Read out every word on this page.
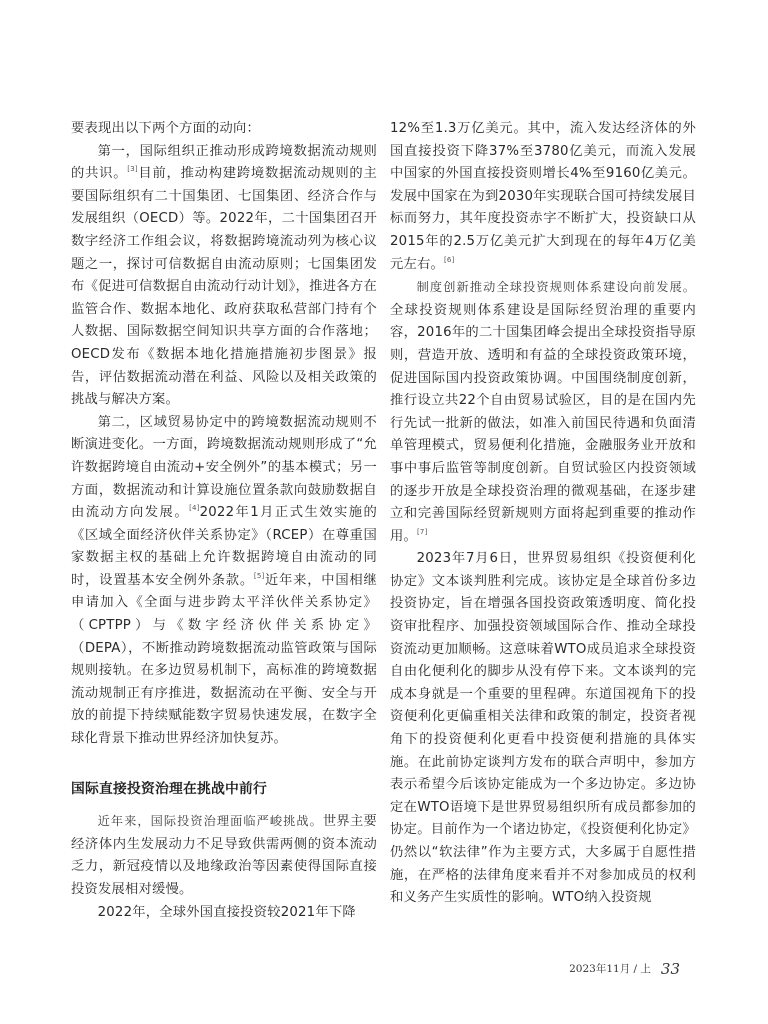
要表现出以下两个方面的动向：

第一，国际组织正推动形成跨境数据流动规则的共识。[3]目前，推动构建跨境数据流动规则的主要国际组织有二十国集团、七国集团、经济合作与发展组织（OECD）等。2022年，二十国集团召开数字经济工作组会议，将数据跨境流动列为核心议题之一，探讨可信数据自由流动原则；七国集团发布《促进可信数据自由流动行动计划》，推进各方在监管合作、数据本地化、政府获取私营部门持有个人数据、国际数据空间知识共享方面的合作落地；OECD发布《数据本地化措施措施初步图景》报告，评估数据流动潜在利益、风险以及相关政策的挑战与解决方案。

第二，区域贸易协定中的跨境数据流动规则不断演进变化。一方面，跨境数据流动规则形成了“允许数据跨境自由流动+安全例外”的基本模式；另一方面，数据流动和计算设施位置条款向鼓励数据自由流动方向发展。[4]2022年1月正式生效实施的《区域全面经济伙伴关系协定》（RCEP）在尊重国家数据主权的基础上允许数据跨境自由流动的同时，设置基本安全例外条款。[5]近年来，中国相继申请加入《全面与进步跨太平洋伙伴关系协定》（CPTPP）与《数字经济伙伴关系协定》（DEPA），不断推动跨境数据流动监管政策与国际规则接轨。在多边贸易机制下，高标准的跨境数据流动规制正有序推进，数据流动在平衡、安全与开放的前提下持续赋能数字贸易快速发展，在数字全球化背景下推动世界经济加快复苏。

国际直接投资治理在挑战中前行

近年来，国际投资治理面临严峻挑战。世界主要经济体内生发展动力不足导致供需两侧的资本流动乏力，新冠疫情以及地缘政治等因素使得国际直接投资发展相对缓慢。

2022年，全球外国直接投资较2021年下降

12%至1.3万亿美元。其中，流入发达经济体的外国直接投资下降37%至3780亿美元，而流入发展中国家的外国直接投资则增长4%至9160亿美元。发展中国家在为到2030年实现联合国可持续发展目标而努力，其年度投资赤字不断扩大，投资缺口从2015年的2.5万亿美元扩大到现在的每年4万亿美元左右。[6]

制度创新推动全球投资规则体系建设向前发展。全球投资规则体系建设是国际经贸治理的重要内容，2016年的二十国集团峰会提出全球投资指导原则，营造开放、透明和有益的全球投资政策环境，促进国际国内投资政策协调。中国围绕制度创新，推行设立共22个自由贸易试验区，目的是在国内先行先试一批新的做法，如准入前国民待遇和负面清单管理模式，贸易便利化措施，金融服务业开放和事中事后监管等制度创新。自贸试验区内投资领域的逐步开放是全球投资治理的微观基础，在逐步建立和完善国际经贸新规则方面将起到重要的推动作用。[7]

2023年7月6日，世界贸易组织《投资便利化协定》文本谈判胜利完成。该协定是全球首份多边投资协定，旨在增强各国投资政策透明度、简化投资审批程序、加强投资领域国际合作、推动全球投资流动更加顺畅。这意味着WTO成员追求全球投资自由化便利化的脚步从没有停下来。文本谈判的完成本身就是一个重要的里程碑。东道国视角下的投资便利化更偏重相关法律和政策的制定，投资者视角下的投资便利化更看中投资便利措施的具体实施。在此前协定谈判方发布的联合声明中，参加方表示希望今后该协定能成为一个多边协定。多边协定在WTO语境下是世界贸易组织所有成员都参加的协定。目前作为一个诸边协定，《投资便利化协定》仍然以“软法律”作为主要方式，大多属于自愿性措施，在严格的法律角度来看并不对参加成员的权利和义务产生实质性的影响。WTO纳入投资规

2023年11月 / 上 33
